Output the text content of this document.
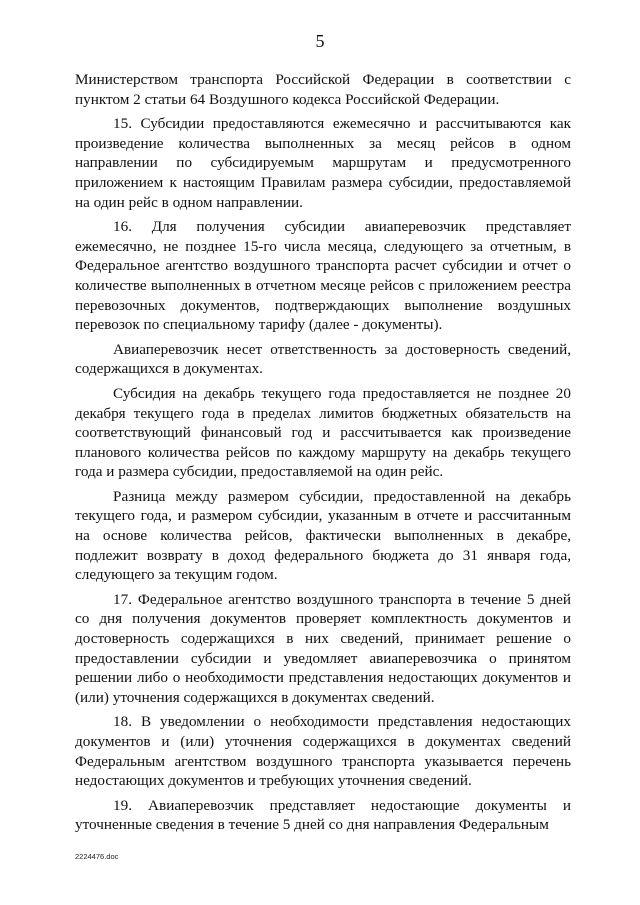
5

Министерством транспорта Российской Федерации в соответствии с пунктом 2 статьи 64 Воздушного кодекса Российской Федерации.

15. Субсидии предоставляются ежемесячно и рассчитываются как произведение количества выполненных за месяц рейсов в одном направлении по субсидируемым маршрутам и предусмотренного приложением к настоящим Правилам размера субсидии, предоставляемой на один рейс в одном направлении.

16. Для получения субсидии авиаперевозчик представляет ежемесячно, не позднее 15-го числа месяца, следующего за отчетным, в Федеральное агентство воздушного транспорта расчет субсидии и отчет о количестве выполненных в отчетном месяце рейсов с приложением реестра перевозочных документов, подтверждающих выполнение воздушных перевозок по специальному тарифу (далее - документы).

Авиаперевозчик несет ответственность за достоверность сведений, содержащихся в документах.

Субсидия на декабрь текущего года предоставляется не позднее 20 декабря текущего года в пределах лимитов бюджетных обязательств на соответствующий финансовый год и рассчитывается как произведение планового количества рейсов по каждому маршруту на декабрь текущего года и размера субсидии, предоставляемой на один рейс.

Разница между размером субсидии, предоставленной на декабрь текущего года, и размером субсидии, указанным в отчете и рассчитанным на основе количества рейсов, фактически выполненных в декабре, подлежит возврату в доход федерального бюджета до 31 января года, следующего за текущим годом.

17. Федеральное агентство воздушного транспорта в течение 5 дней со дня получения документов проверяет комплектность документов и достоверность содержащихся в них сведений, принимает решение о предоставлении субсидии и уведомляет авиаперевозчика о принятом решении либо о необходимости представления недостающих документов и (или) уточнения содержащихся в документах сведений.

18. В уведомлении о необходимости представления недостающих документов и (или) уточнения содержащихся в документах сведений Федеральным агентством воздушного транспорта указывается перечень недостающих документов и требующих уточнения сведений.

19. Авиаперевозчик представляет недостающие документы и уточненные сведения в течение 5 дней со дня направления Федеральным

2224476.doc
